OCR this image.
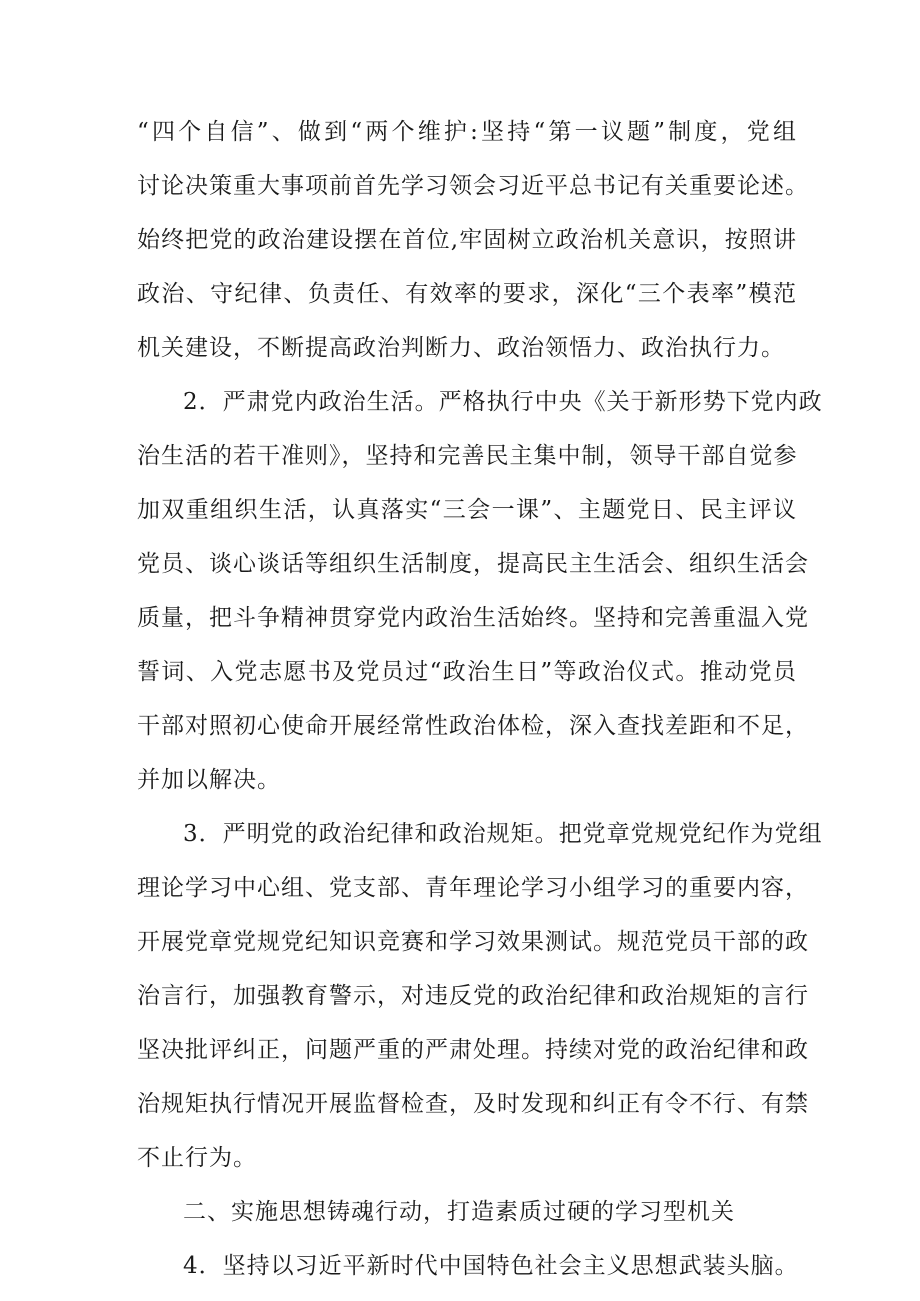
“四个自信”、做到“两个维护:坚持“第一议题”制度，党组
讨论决策重大事项前首先学习领会习近平总书记有关重要论述。
始终把党的政治建设摆在首位,牢固树立政治机关意识，按照讲
政治、守纪律、负责任、有效率的要求，深化“三个表率”模范
机关建设，不断提高政治判断力、政治领悟力、政治执行力。
2．严肃党内政治生活。严格执行中央《关于新形势下党内政
治生活的若干准则》，坚持和完善民主集中制，领导干部自觉参
加双重组织生活，认真落实“三会一课”、主题党日、民主评议
党员、谈心谈话等组织生活制度，提高民主生活会、组织生活会
质量，把斗争精神贯穿党内政治生活始终。坚持和完善重温入党
誓词、入党志愿书及党员过“政治生日”等政治仪式。推动党员
干部对照初心使命开展经常性政治体检，深入查找差距和不足，
并加以解决。
3．严明党的政治纪律和政治规矩。把党章党规党纪作为党组
理论学习中心组、党支部、青年理论学习小组学习的重要内容，
开展党章党规党纪知识竞赛和学习效果测试。规范党员干部的政
治言行，加强教育警示，对违反党的政治纪律和政治规矩的言行
坚决批评纠正，问题严重的严肃处理。持续对党的政治纪律和政
治规矩执行情况开展监督检查，及时发现和纠正有令不行、有禁
不止行为。
二、实施思想铸魂行动，打造素质过硬的学习型机关
4．坚持以习近平新时代中国特色社会主义思想武装头脑。
